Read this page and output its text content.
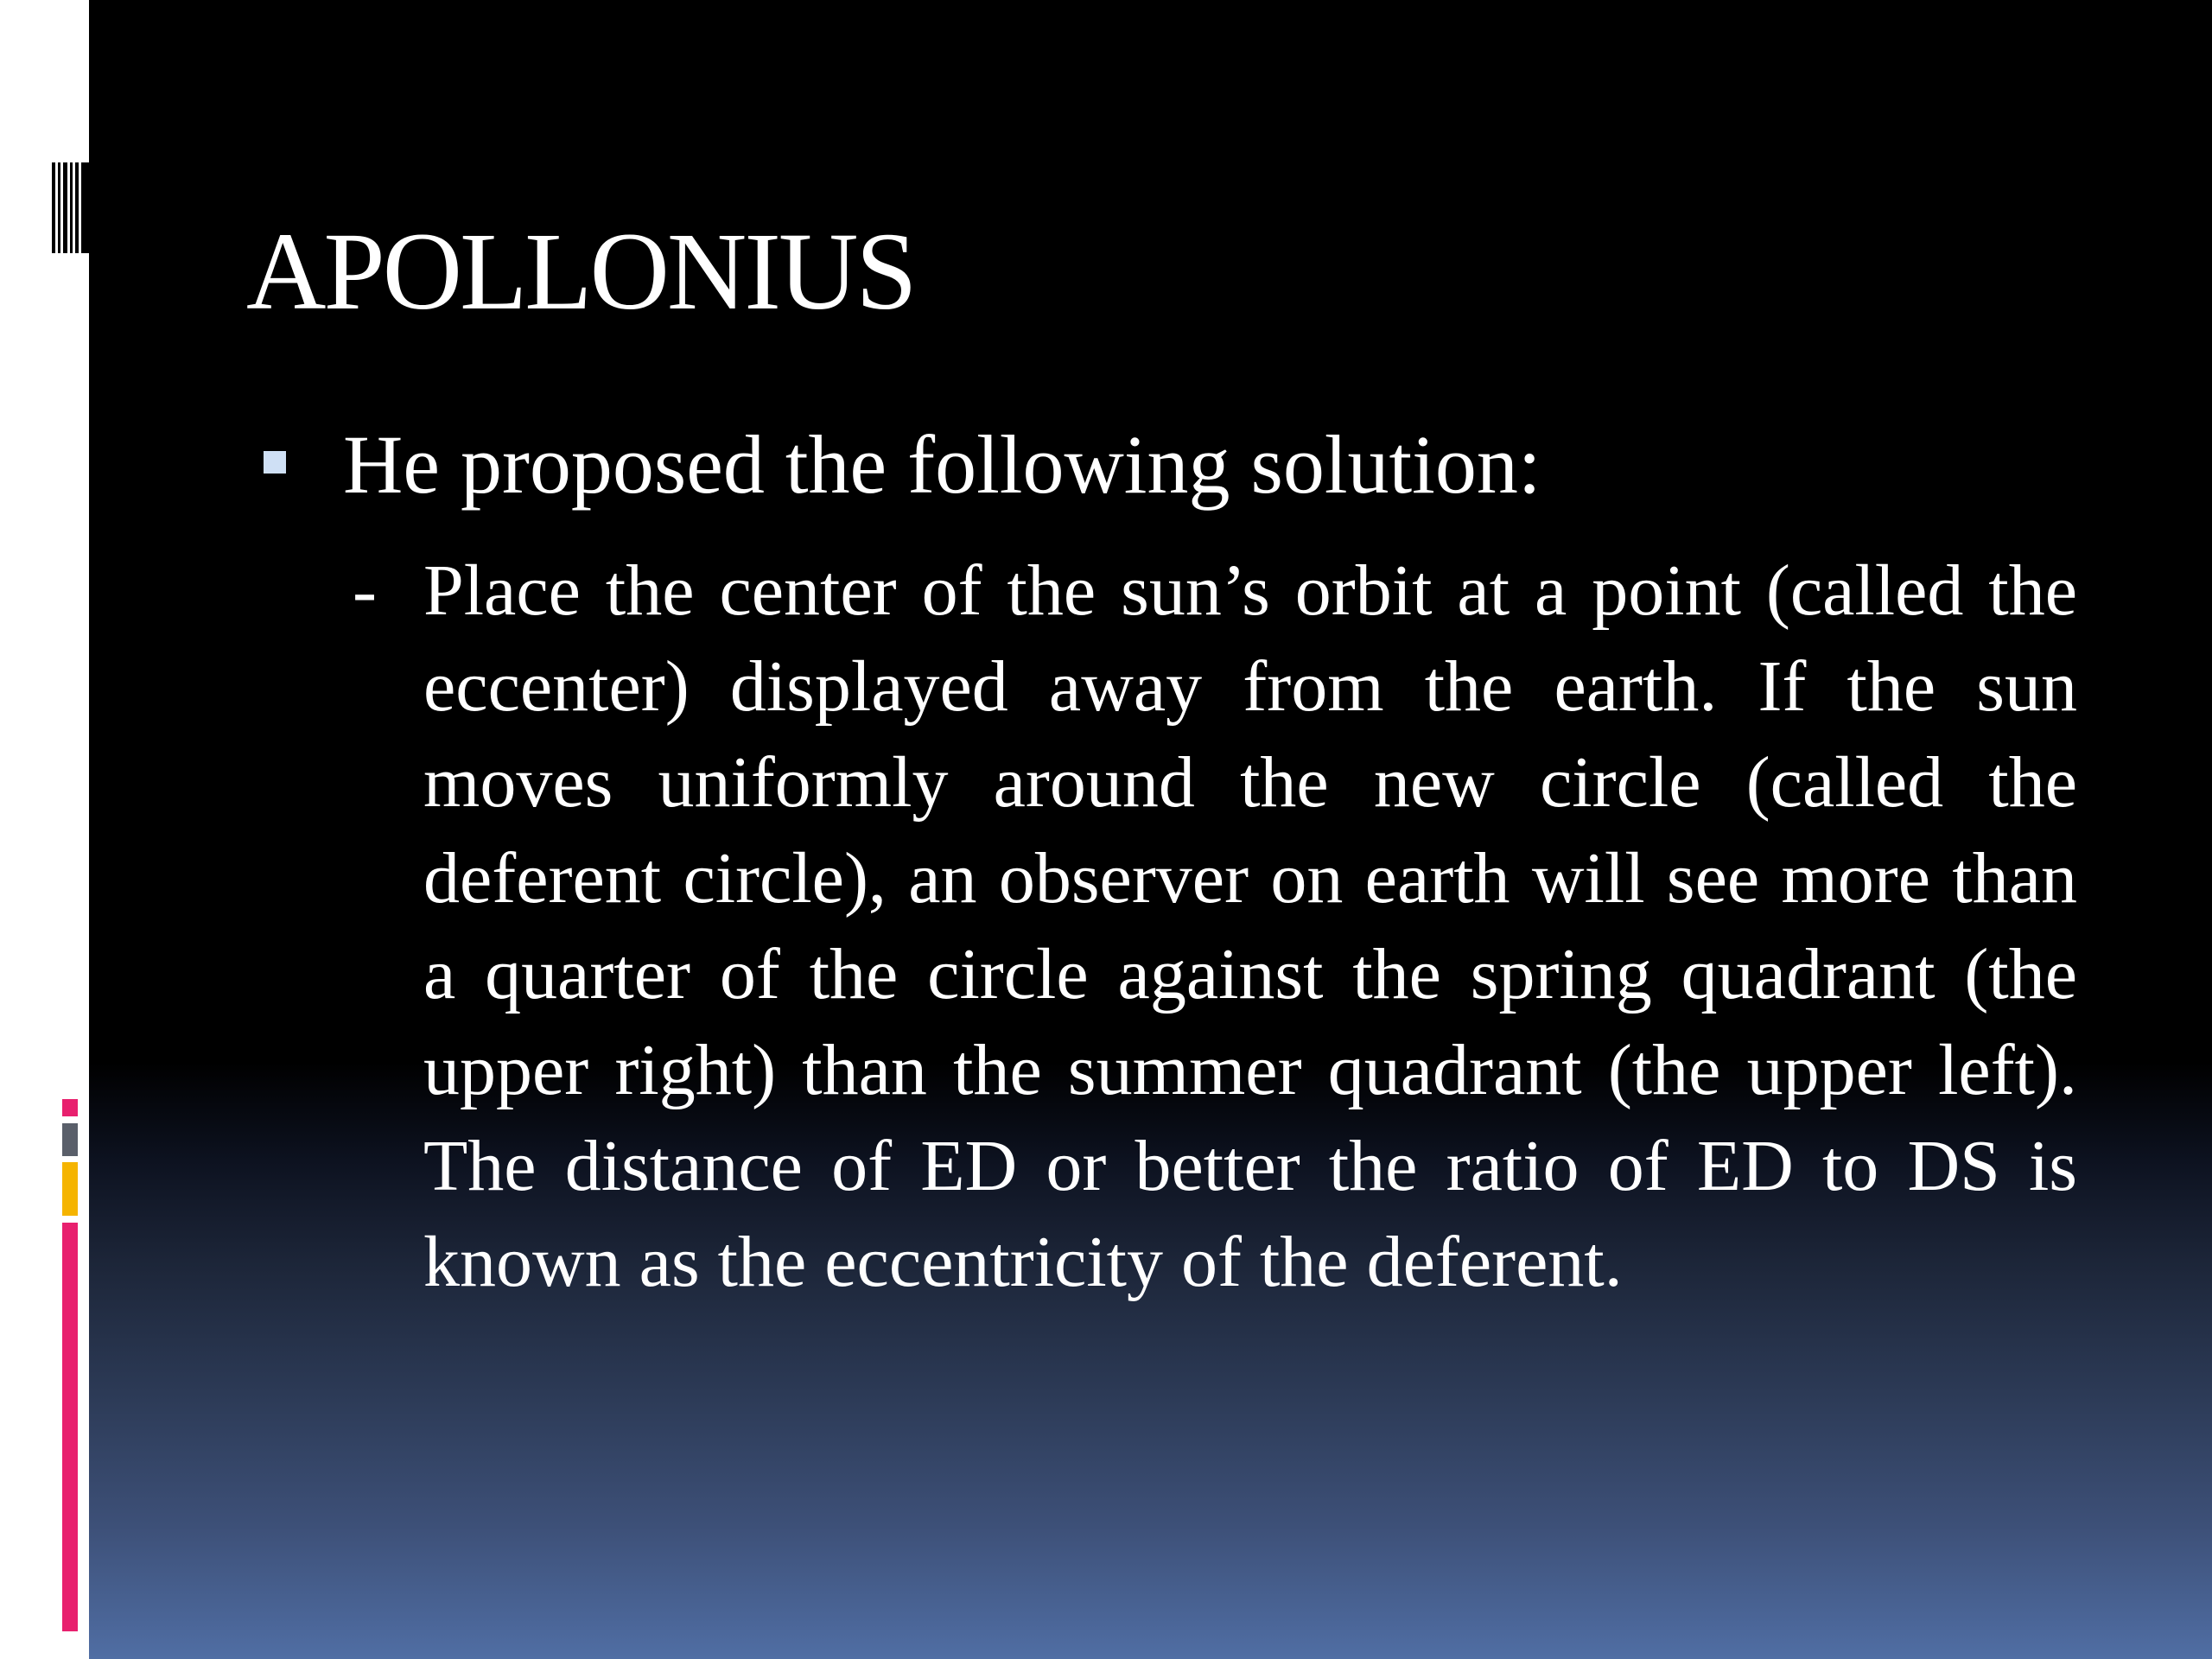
APOLLONIUS
He proposed the following solution:
- Place the center of the sun’s orbit at a point (called the eccenter) displayed away from the earth. If the sun moves uniformly around the new circle (called the deferent circle), an observer on earth will see more than a quarter of the circle against the spring quadrant (the upper right) than the summer quadrant (the upper left). The distance of ED or better the ratio of ED to DS is known as the eccentricity of the deferent.
